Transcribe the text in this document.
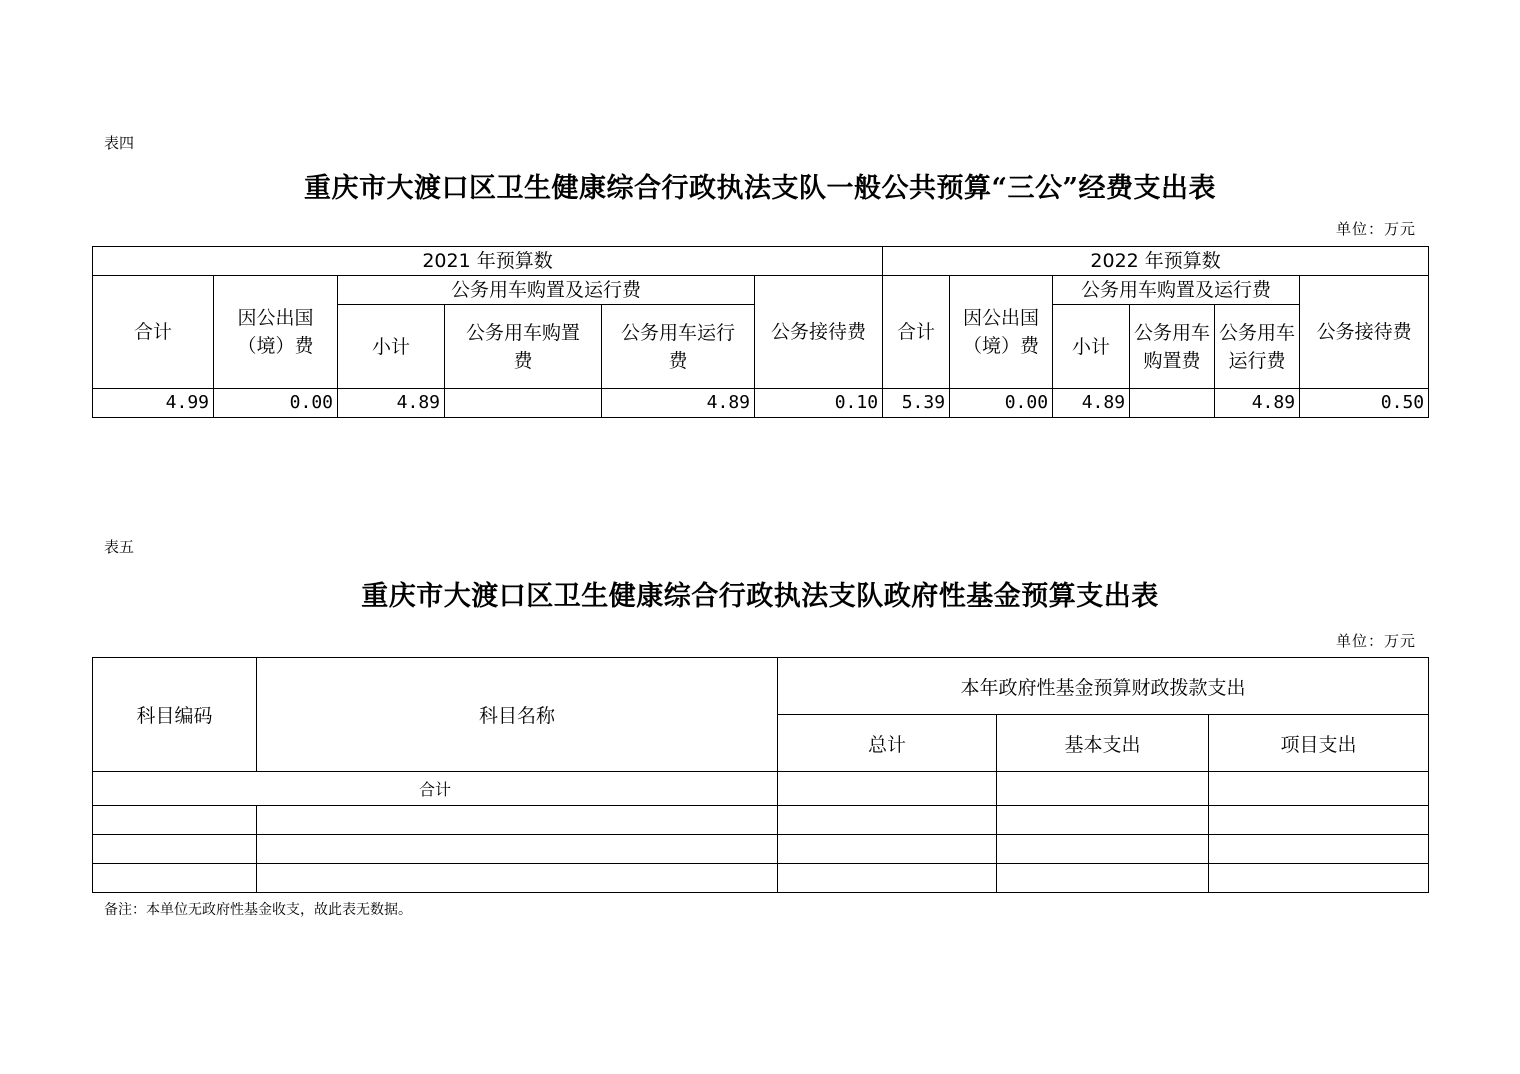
表四
重庆市大渡口区卫生健康综合行政执法支队一般公共预算“三公”经费支出表
单位：万元
2021 年预算数						2022 年预算数					
合计	因公出国（境）费	公务用车购置及运行费			公务接待费	合计	因公出国（境）费	公务用车购置及运行费			公务接待费
		小计	公务用车购置费	公务用车运行费				小计	公务用车购置费	公务用车运行费	
4.99	0.00	4.89		4.89	0.10	5.39	0.00	4.89		4.89	0.50
表五
重庆市大渡口区卫生健康综合行政执法支队政府性基金预算支出表
单位：万元
科目编码	科目名称	本年政府性基金预算财政拨款支出		
		总计	基本支出	项目支出
合计				

备注：本单位无政府性基金收支，故此表无数据。
